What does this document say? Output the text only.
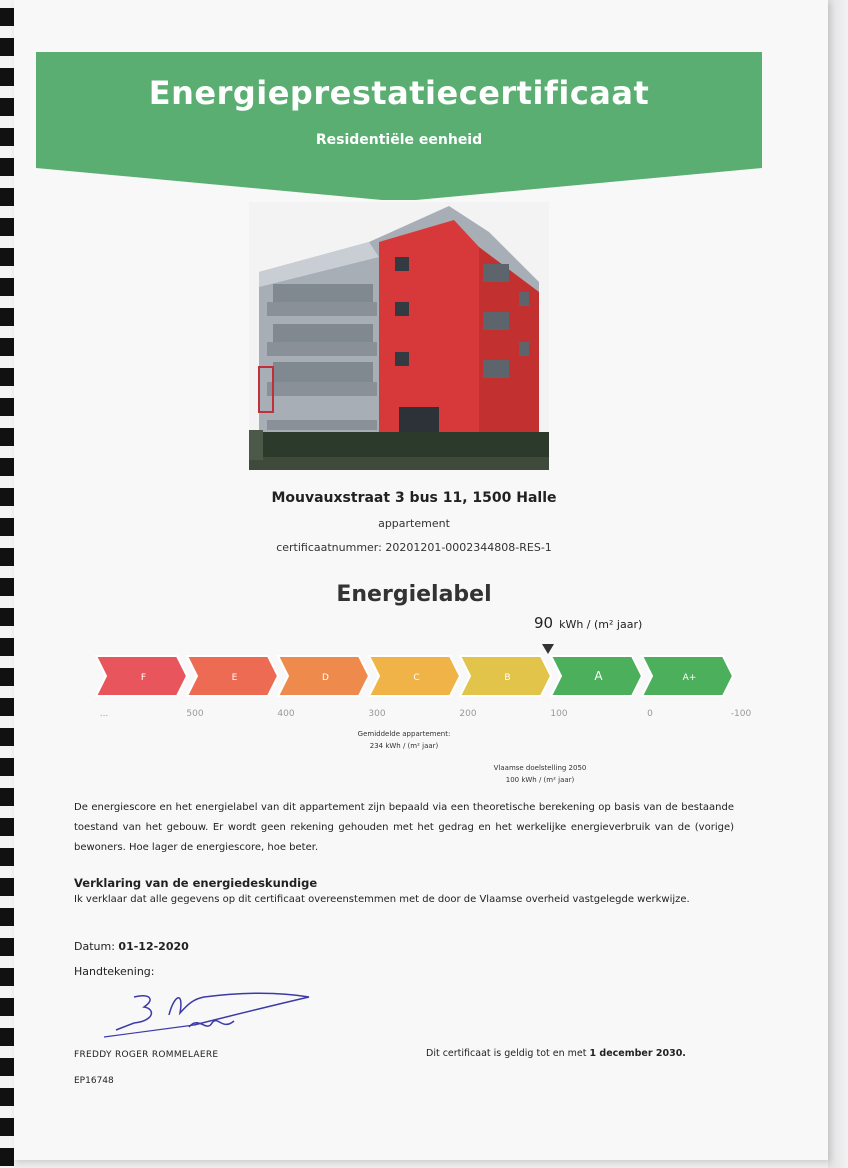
Energieprestatiecertificaat
Residentiële eenheid
Mouvauxstraat 3 bus 11, 1500 Halle
appartement
certificaatnummer: 20201201-0002344808-RES-1
Energielabel
90 kWh / (m² jaar)
F	E	D	C	B	A	A+
...	500	400	300	200	100	0	-100
Gemiddelde appartement:
234 kWh / (m² jaar)
Vlaamse doelstelling 2050
100 kWh / (m² jaar)
De energiescore en het energielabel van dit appartement zijn bepaald via een theoretische berekening op basis van de bestaande toestand van het gebouw. Er wordt geen rekening gehouden met het gedrag en het werkelijke energieverbruik van de (vorige) bewoners. Hoe lager de energiescore, hoe beter.
Verklaring van de energiedeskundige
Ik verklaar dat alle gegevens op dit certificaat overeenstemmen met de door de Vlaamse overheid vastgelegde werkwijze.
Datum: 01-12-2020
Handtekening:
FREDDY ROGER ROMMELAERE
EP16748
Dit certificaat is geldig tot en met 1 december 2030.
